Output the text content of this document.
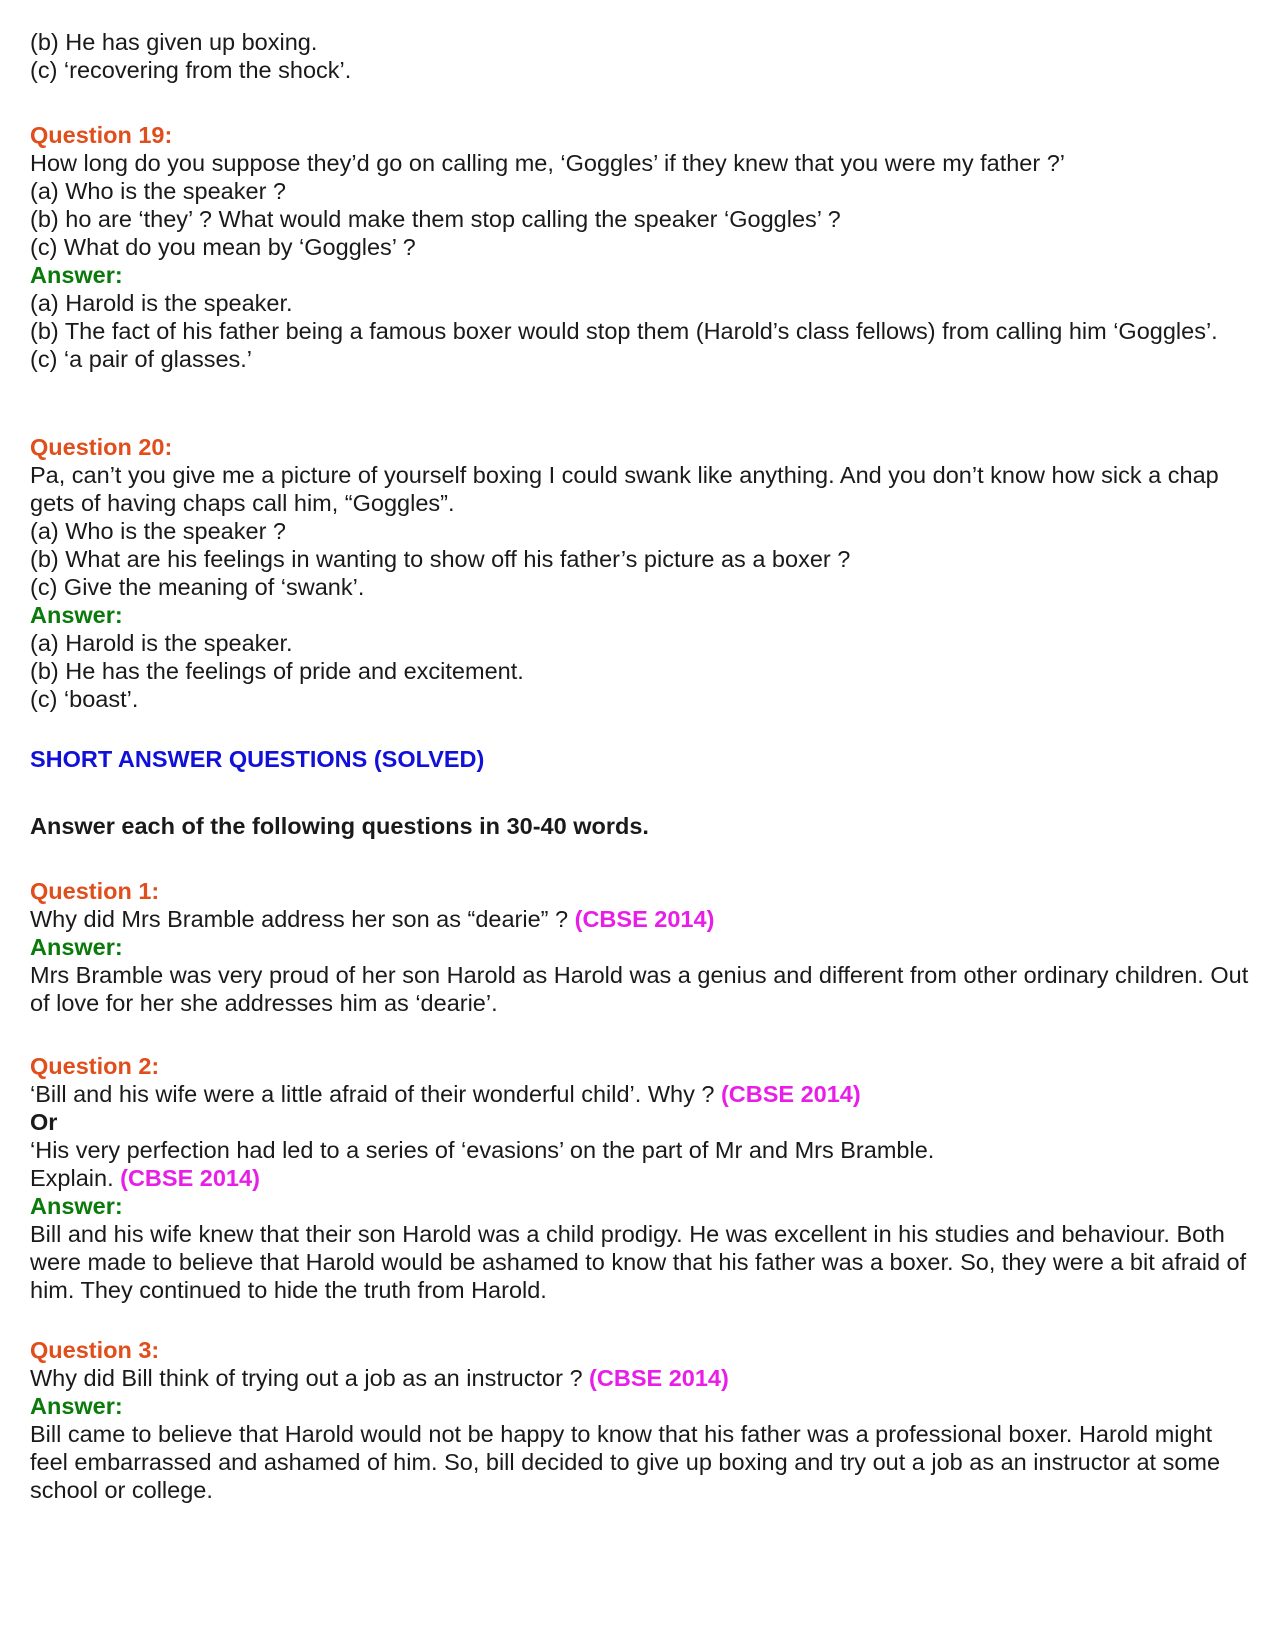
(b) He has given up boxing.
(c) ‘recovering from the shock’.
Question 19:
How long do you suppose they’d go on calling me, ‘Goggles’ if they knew that you were my father ?’
(a) Who is the speaker ?
(b) ho are ‘they’ ? What would make them stop calling the speaker ‘Goggles’ ?
(c) What do you mean by ‘Goggles’ ?
Answer:
(a) Harold is the speaker.
(b) The fact of his father being a famous boxer would stop them (Harold’s class fellows) from calling him ‘Goggles’.
(c) ‘a pair of glasses.’
Question 20:
Pa, can’t you give me a picture of yourself boxing I could swank like anything. And you don’t know how sick a chap gets of having chaps call him, “Goggles”.
(a) Who is the speaker ?
(b) What are his feelings in wanting to show off his father’s picture as a boxer ?
(c) Give the meaning of ‘swank’.
Answer:
(a) Harold is the speaker.
(b) He has the feelings of pride and excitement.
(c) ‘boast’.
SHORT ANSWER QUESTIONS (SOLVED)
Answer each of the following questions in 30-40 words.
Question 1:
Why did Mrs Bramble address her son as “dearie” ? (CBSE 2014)
Answer:
Mrs Bramble was very proud of her son Harold as Harold was a genius and different from other ordinary children. Out of love for her she addresses him as ‘dearie’.
Question 2:
‘Bill and his wife were a little afraid of their wonderful child’. Why ? (CBSE 2014)
Or
‘His very perfection had led to a series of ‘evasions’ on the part of Mr and Mrs Bramble.
Explain. (CBSE 2014)
Answer:
Bill and his wife knew that their son Harold was a child prodigy. He was excellent in his studies and behaviour. Both were made to believe that Harold would be ashamed to know that his father was a boxer. So, they were a bit afraid of him. They continued to hide the truth from Harold.
Question 3:
Why did Bill think of trying out a job as an instructor ? (CBSE 2014)
Answer:
Bill came to believe that Harold would not be happy to know that his father was a professional boxer. Harold might feel embarrassed and ashamed of him. So, bill decided to give up boxing and try out a job as an instructor at some school or college.
